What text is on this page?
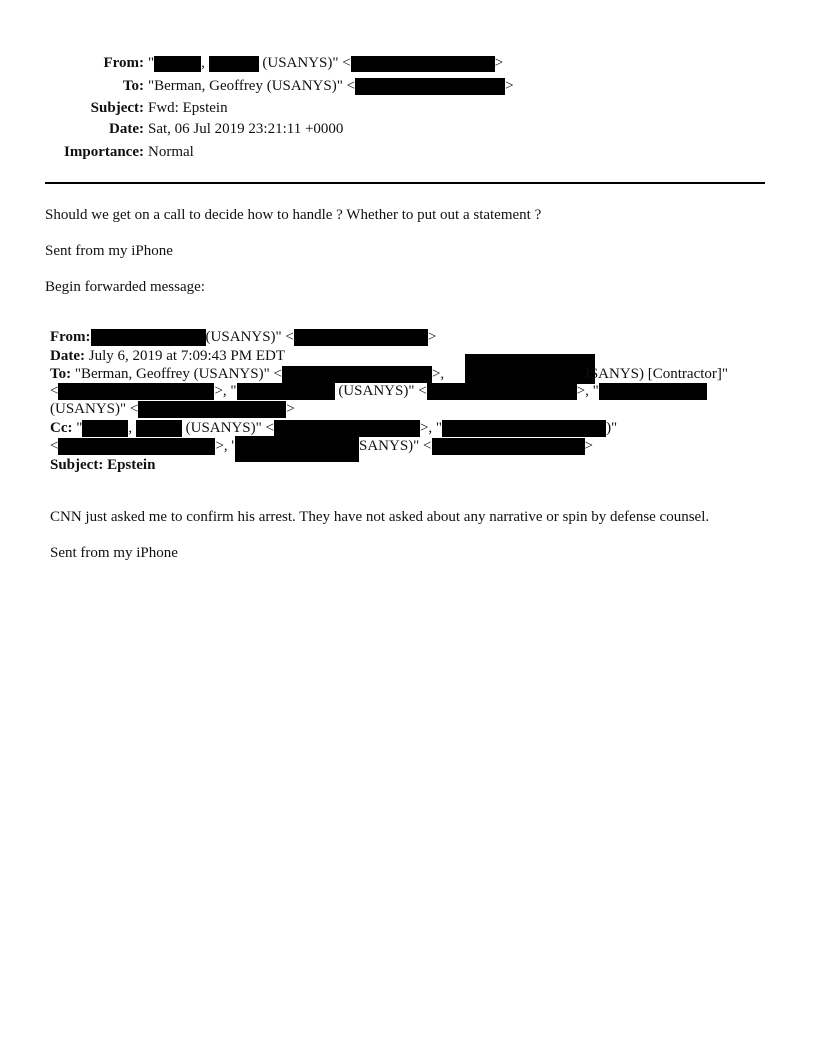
From: "	,	(USANYS)" <	>
To: "Berman, Geoffrey (USANYS)" <	>
Subject: Fwd: Epstein
Date: Sat, 06 Jul 2019 23:21:11 +0000
Importance: Normal
Should we get on a call to decide how to handle ? Whether to put out a statement ?
Sent from my iPhone
Begin forwarded message:
From:	(USANYS)" <	>
Date: July 6, 2019 at 7:09:43 PM EDT
To: "Berman, Geoffrey (USANYS)" <	>,	JSANYS) [Contractor]"
<	>, "	(USANYS)" <	>, "
(USANYS)" <	>
Cc: "	,	(USANYS)" <	>, "	)"
<	>, '	SANYS)" <	>
Subject: Epstein
CNN just asked me to confirm his arrest. They have not asked about any narrative or spin by defense counsel.
Sent from my iPhone
